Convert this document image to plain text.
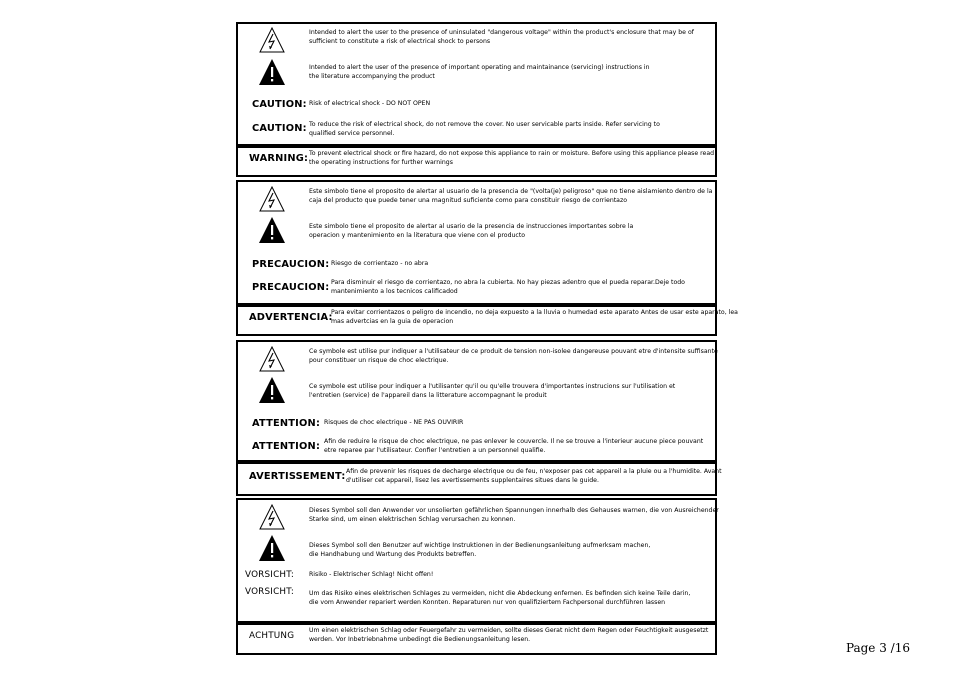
Intended to alert the user to the presence of uninsulated "dangerous voltage" within the product's enclosure that may be of
sufficient to constitute a risk of electrical shock to persons
Intended to alert the user of the presence of important operating and maintainance (servicing) instructions in
the literature accompanying the product
CAUTION: Risk of electrical shock - DO NOT OPEN
CAUTION: To reduce the risk of electrical shock, do not remove the cover. No user servicable parts inside. Refer servicing to
qualified service personnel.
WARNING: To prevent electrical shock or fire hazard, do not expose this appliance to rain or moisture. Before using this appliance please read
the operating instructions for further warnings
Este simbolo tiene el proposito de alertar al usuario de la presencia de "(volta(je) peligroso" que no tiene aislamiento dentro de la
caja del producto que puede tener una magnitud suficiente como para constituir riesgo de corrientazo
Este simbolo tiene el proposito de alertar al usario de la presencia de instrucciones importantes sobre la
operacion y mantenimiento en la literatura que viene con el producto
PRECAUCION: Riesgo de corrientazo - no abra
PRECAUCION: Para disminuir el riesgo de corrientazo, no abra la cubierta. No hay piezas adentro que el pueda reparar.Deje todo
mantenimiento a los tecnicos calificadod
ADVERTENCIA:
Para evitar corrientazos o peligro de incendio, no deja expuesto a la lluvia o humedad este aparato Antes de usar este aparato, lea
mas advertcias en la guia de operacion
Ce symbole est utilise pur indiquer a l'utilisateur de ce produit de tension non-isolee dangereuse pouvant etre d'intensite suffisante
pour constituer un risque de choc electrique.
Ce symbole est utilise pour indiquer a l'utilisanter qu'il ou qu'elle trouvera d'importantes instrucions sur l'utilisation et
l'entretien (service) de l'appareil dans la litterature accompagnant le produit
ATTENTION: Risques de choc electrique - NE PAS OUVIRIR
ATTENTION: Afin de reduire le risque de choc electrique, ne pas enlever le couvercle. Il ne se trouve a l'interieur aucune piece pouvant
etre reparee par l'utilisateur. Confier l'entretien a un personnel qualifie.
AVERTISSEMENT: Afin de prevenir les risques de decharge electrique ou de feu, n'exposer pas cet appareil a la pluie ou a l'humidite. Avant
d'utiliser cet appareil, lisez les avertissements supplentaires situes dans le guide.
Dieses Symbol soll den Anwender vor unsolierten gefährlichen Spannungen innerhalb des Gehauses warnen, die von Ausreichender
Starke sind, um einen elektrischen Schlag verursachen zu konnen.
Dieses Symbol soll den Benutzer auf wichtige Instruktionen in der Bedienungsanleitung aufmerksam machen,
die Handhabung und Wartung des Produkts betreffen.
VORSICHT: Risiko - Elektrischer Schlag! Nicht offen!
VORSICHT: Um das Risiko eines elektrischen Schlages zu vermeiden, nicht die Abdeckung enfernen. Es befinden sich keine Teile darin,
die vom Anwender repariert werden Konnten. Reparaturen nur von qualifiziertem Fachpersonal durchführen lassen
ACHTUNG
Um einen elektrischen Schlag oder Feuergefahr zu vermeiden, sollte dieses Gerat nicht dem Regen oder Feuchtigkeit ausgesetzt
werden. Vor Inbetriebnahme unbedingt die Bedienungsanleitung lesen.
Page 3 /16
